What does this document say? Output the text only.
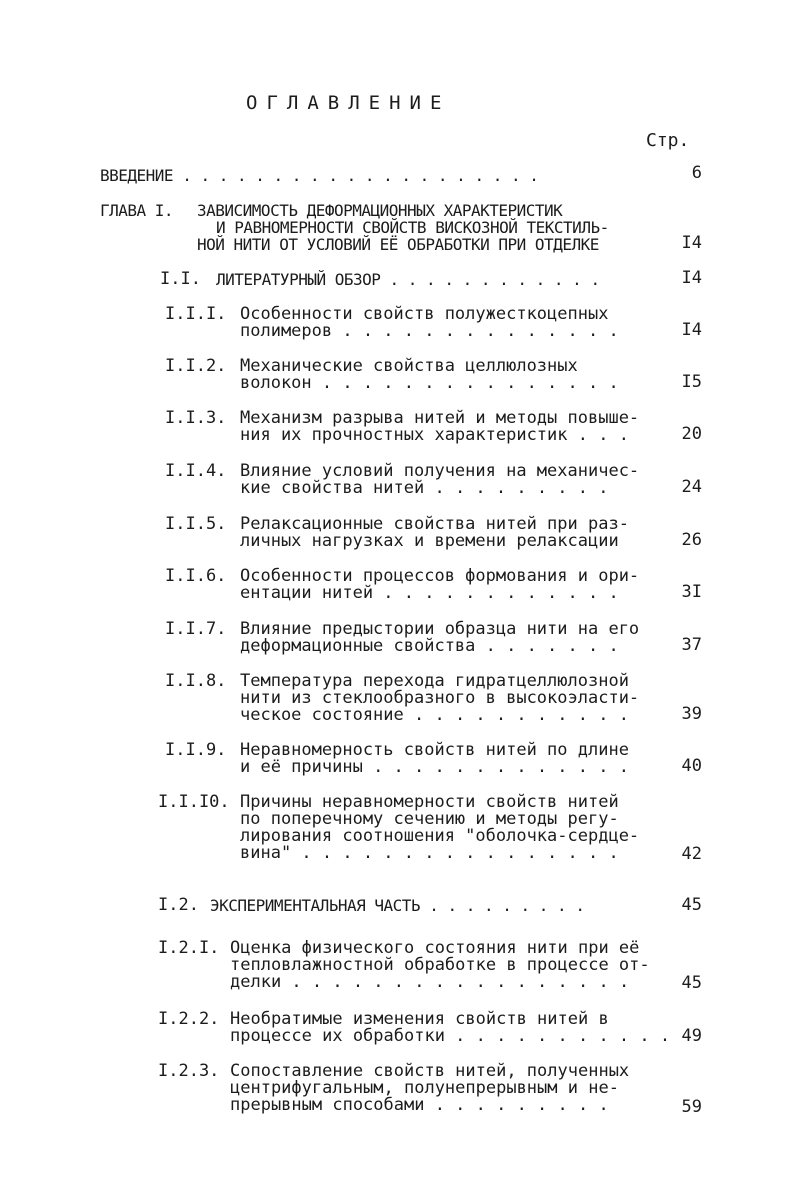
ОГЛАВЛЕНИЕ
Стр.
ВВЕДЕНИЕ . . . . . . . . . . . . . . . . . . . .	6
ГЛАВА I. ЗАВИСИМОСТЬ ДЕФОРМАЦИОННЫХ ХАРАКТЕРИСТИК
И РАВНОМЕРНОСТИ СВОЙСТВ ВИСКОЗНОЙ ТЕКСТИЛЬ-
НОЙ НИТИ ОТ УСЛОВИЙ ЕЁ ОБРАБОТКИ ПРИ ОТДЕЛКЕ	I4
I.I. ЛИТЕРАТУРНЫЙ ОБЗОР . . . . . . . . . . . .	I4
I.I.I. Особенности свойств полужесткоцепных
полимеров . . . . . . . . . . . . . .	I4
I.I.2. Механические свойства целлюлозных
волокон . . . . . . . . . . . . . . .	I5
I.I.3. Механизм разрыва нитей и методы повыше-
ния их прочностных характеристик . . .	20
I.I.4. Влияние условий получения на механичес-
кие свойства нитей . . . . . . . . .	24
I.I.5. Релаксационные свойства нитей при раз-
личных нагрузках и времени релаксации	26
I.I.6. Особенности процессов формования и ори-
ентации нитей . . . . . . . . . . . .	3I
I.I.7. Влияние предыстории образца нити на его
деформационные свойства . . . . . . .	37
I.I.8. Температура перехода гидратцеллюлозной
нити из стеклообразного в высокоэласти-
ческое состояние . . . . . . . . . . .	39
I.I.9. Неравномерность свойств нитей по длине
и её причины . . . . . . . . . . . . .	40
I.I.I0. Причины неравномерности свойств нитей
по поперечному сечению и методы регу-
лирования соотношения "оболочка-сердце-
вина" . . . . . . . . . . . . . . . .	42
I.2. ЭКСПЕРИМЕНТАЛЬНАЯ ЧАСТЬ . . . . . . . . .	45
I.2.I. Оценка физического состояния нити при её
тепловлажностной обработке в процессе от-
делки . . . . . . . . . . . . . . . . .	45
I.2.2. Необратимые изменения свойств нитей в
процессе их обработки . . . . . . . . . . . 49
I.2.3. Сопоставление свойств нитей, полученных
центрифугальным, полунепрерывным и не-
прерывным способами . . . . . . . . .	59
